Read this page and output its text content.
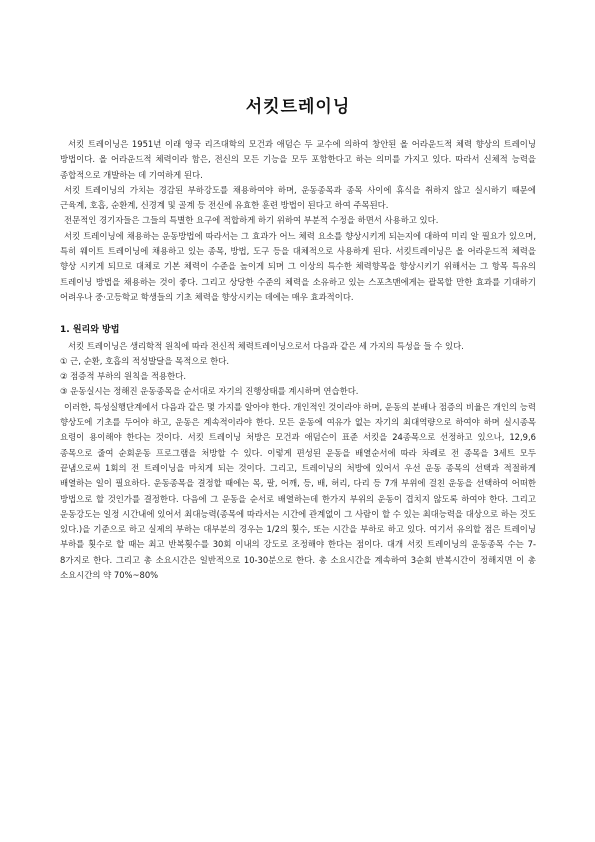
서킷트레이닝

서킷 트레이닝은 1951년 이래 영국 리즈대학의 모건과 애덤슨 두 교수에 의하여 창안된 올 어라운드적 체력 향상의 트레이닝 방법이다. 올 어라운드적 체력이라 함은, 전신의 모든 기능을 모두 포함한다고 하는 의미를 가지고 있다. 따라서 신체적 능력을 종합적으로 개발하는 데 기여하게 된다.

서킷 트레이닝의 가치는 경감된 부하강도를 채용하여야 하며, 운동종목과 종목 사이에 휴식을 취하지 않고 실시하기 때문에 근육계, 호흡, 순환계, 신경계 및 골계 등 전신에 유효한 훈련 방법이 된다고 하여 주목된다.

전문적인 경기자들은 그들의 특별한 요구에 적합하게 하기 위하여 부분적 수정을 하면서 사용하고 있다.

서킷 트레이닝에 채용하는 운동방법에 따라서는 그 효과가 어느 체력 요소를 향상시키게 되는지에 대하여 미리 알 필요가 있으며, 특히 웨이트 트레이닝에 채용하고 있는 종목, 방법, 도구 등을 대체적으로 사용하게 된다. 서킷트레이닝은 올 어라운드적 체력을 향상 시키게 되므로 대체로 기본 체력이 수준을 높이게 되며 그 이상의 특수한 체력향목을 향상시키기 위해서는 그 항목 특유의 트레이닝 방법을 채용하는 것이 좋다. 그리고 상당한 수준의 체력을 소유하고 있는 스포츠맨에게는 괄목할 만한 효과를 기대하기 어려우나 중·고등학교 학생들의 기초 체력을 향상시키는 데에는 매우 효과적이다.

1. 원리와 방법

서킷 트레이닝은 생리학적 원칙에 따라 전신적 체력트레이닝으로서 다음과 같은 세 가지의 특성을 들 수 있다.

① 근, 순환, 호흡의 적성발달을 목적으로 한다.

② 점증적 부하의 원칙을 적용한다.

③ 운동실시는 정해진 운동종목을 순서대로 자기의 진행상태를 계시하며 연습한다.

이러한, 특성실행단계에서 다음과 같은 몇 가지를 알아야 한다. 개인적인 것이라야 하며, 운동의 분배나 점증의 비율은 개인의 능력 향상도에 기초를 두어야 하고, 운동은 계속적이라야 한다. 모든 운동에 여유가 없는 자기의 최대역량으로 하여야 하며 실시종목 요령이 용이해야 한다는 것이다. 서킷 트레이닝 처방은 모건과 애덤슨이 표준 서킷을 24종목으로 선정하고 있으나, 12,9,6 종목으로 줄여 순회운동 프로그램을 처방할 수 있다. 이렇게 편성된 운동을 배열순서에 따라 차례로 전 종목을 3세트 모두 끝냄으로써 1회의 전 트레이닝을 마치게 되는 것이다. 그리고, 트레이닝의 처방에 있어서 우선 운동 종목의 선택과 적절하게 배열하는 일이 필요하다. 운동종목을 결정할 때에는 목, 팔, 어깨, 등, 배, 허리, 다리 등 7개 부위에 걸친 운동을 선택하여 어떠한 방법으로 할 것인가를 결정한다. 다음에 그 운동을 순서로 배열하는데 한가지 부위의 운동이 겹치지 않도록 하여야 한다. 그리고 운동강도는 일정 시간내에 있어서 최대능력(종목에 따라서는 시간에 관계없이 그 사람이 할 수 있는 최대능력을 대상으로 하는 것도 있다.)을 기준으로 하고 실제의 부하는 대부분의 경우는 1/2의 횟수, 또는 시간을 부하로 하고 있다. 여기서 유의할 점은 트레이닝 부하를 횟수로 할 때는 최고 반복횟수를 30회 이내의 강도로 조정해야 한다는 점이다. 대개 서킷 트레이닝의 운동종목 수는 7-8가지로 한다. 그리고 총 소요시간은 일반적으로 10-30분으로 한다. 총 소요시간을 계속하여 3순회 반복시간이 정해지면 이 총 소요시간의 약 70%~80%
